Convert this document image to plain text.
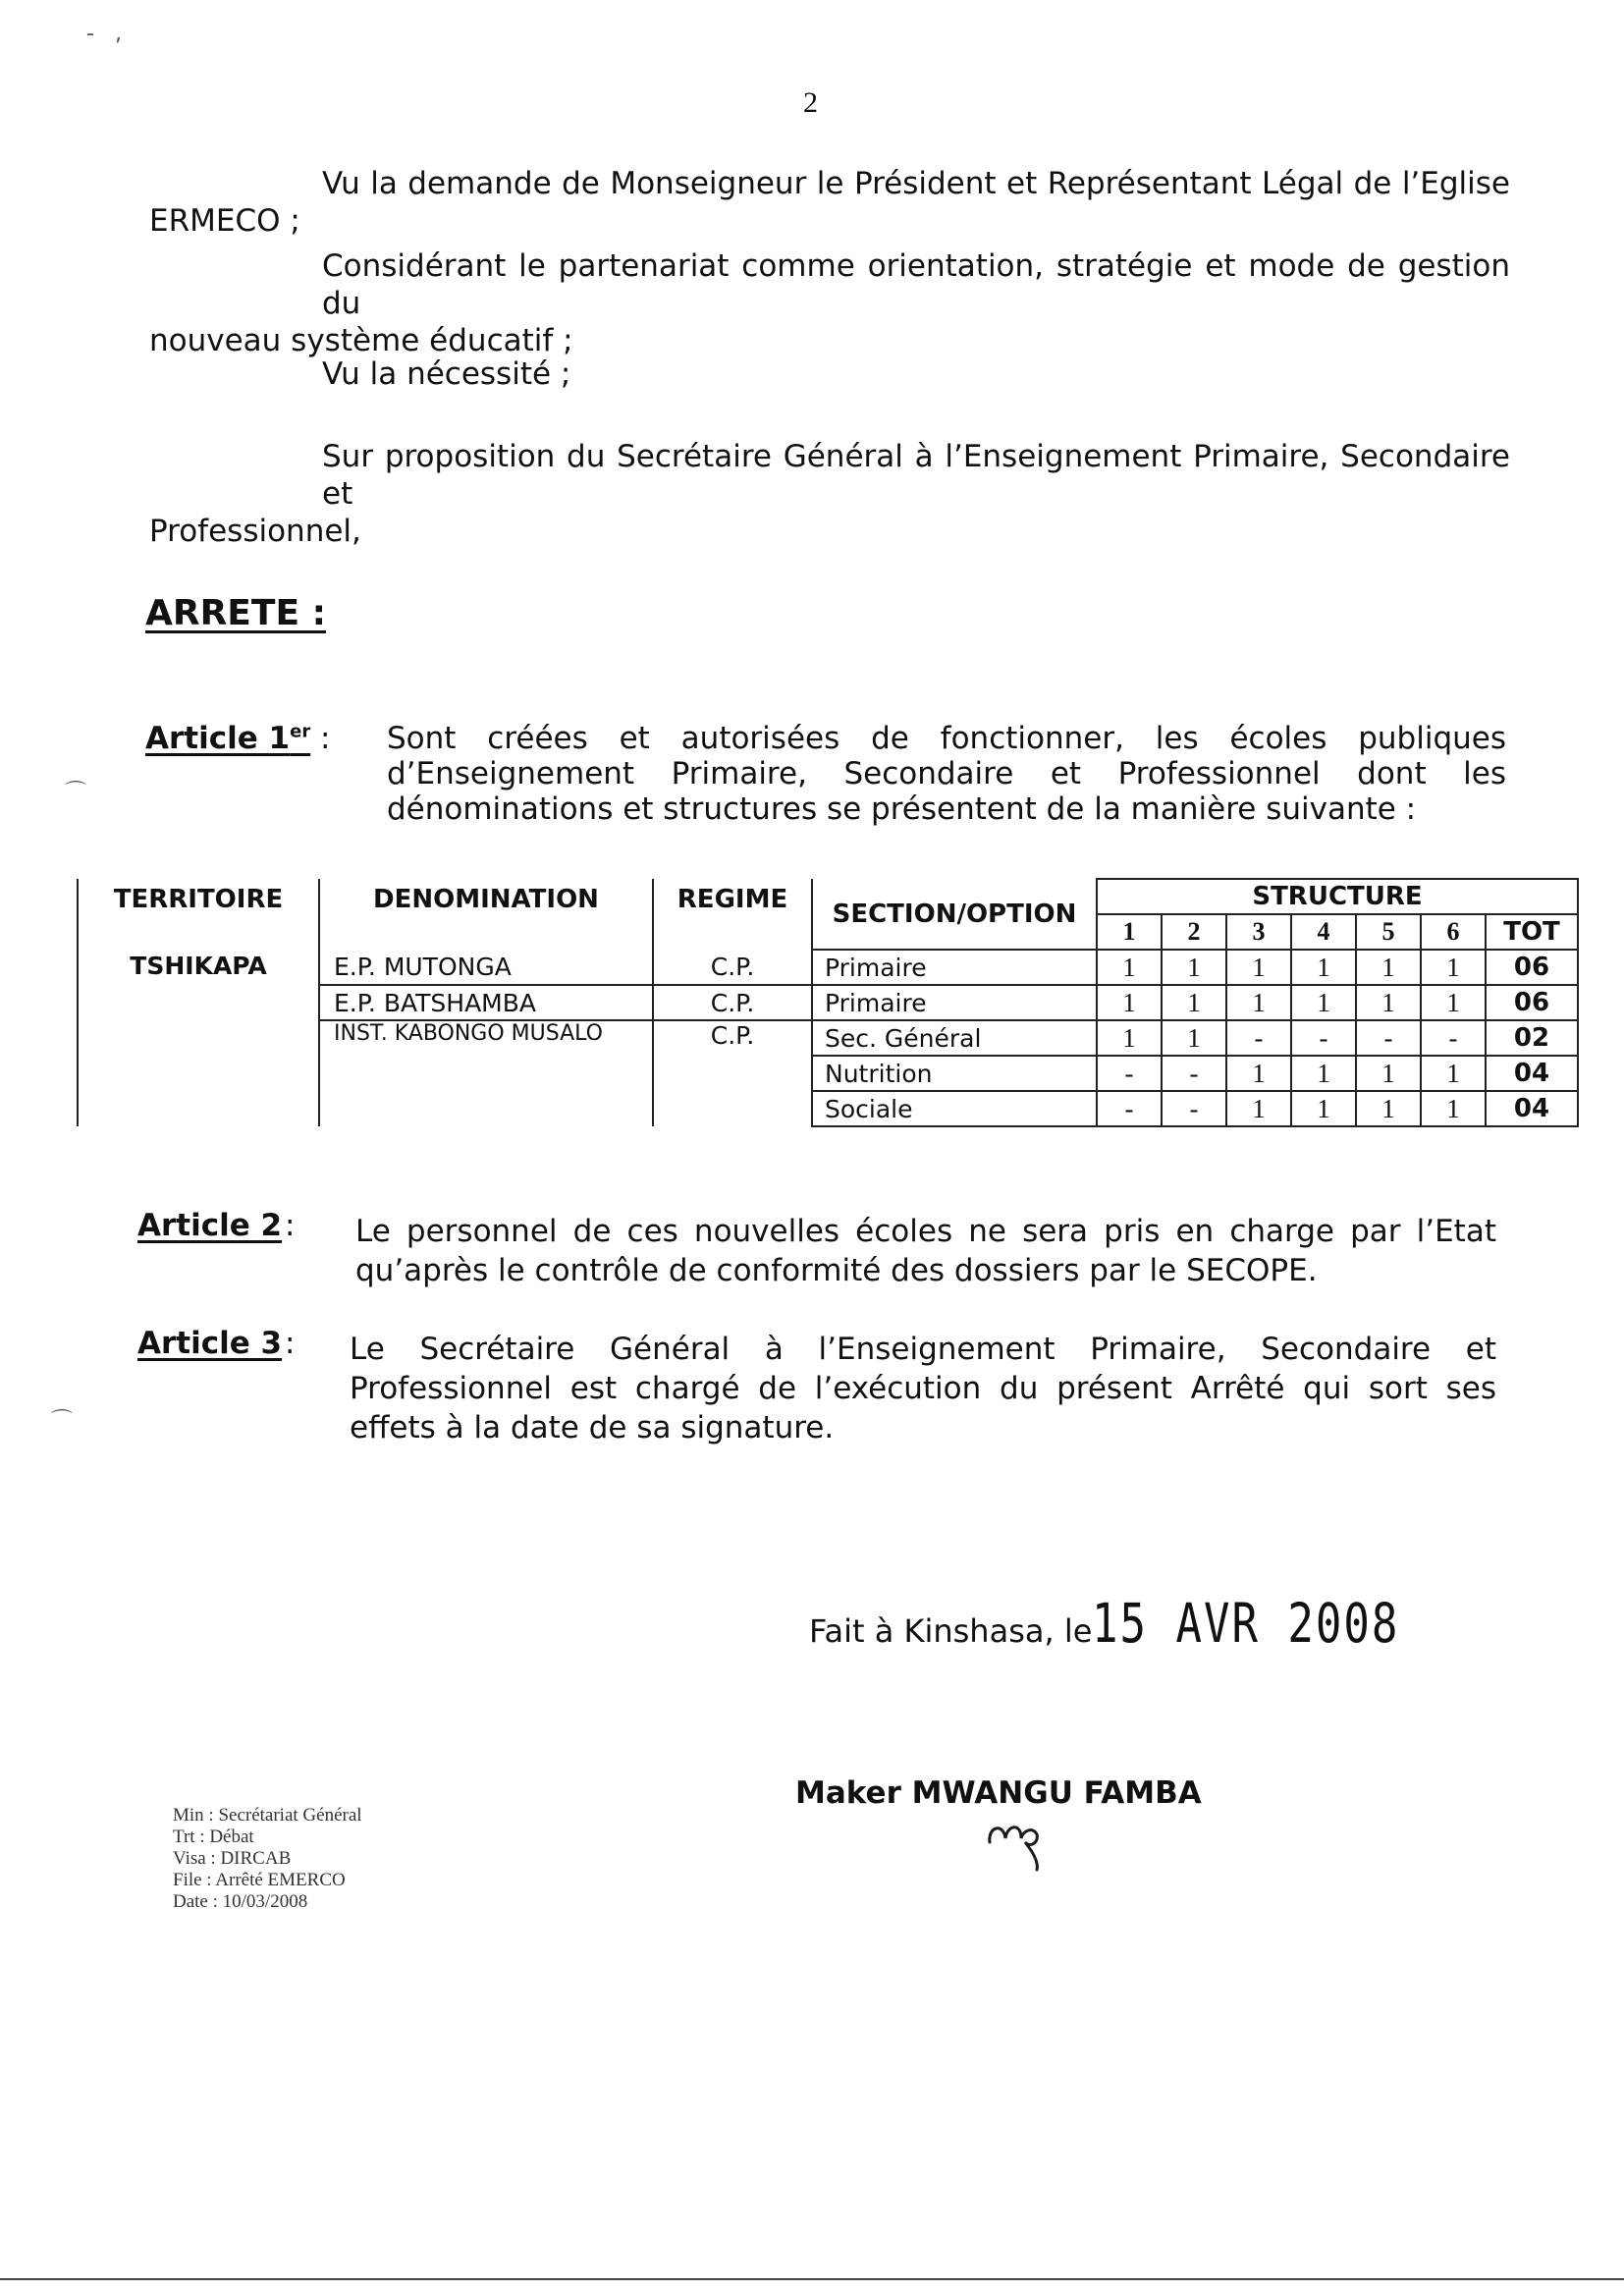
‐   ‚
⌒
⌒
2
Vu la demande de Monseigneur le Président et Représentant Légal de l’Eglise
ERMECO ;
Considérant le partenariat comme orientation, stratégie et mode de gestion du
nouveau système éducatif ;
Vu la nécessité ;
Sur proposition du Secrétaire Général à l’Enseignement Primaire, Secondaire et
Professionnel,
ARRETE :
Article 1er : Sont créées et autorisées de fonctionner, les écoles publiques d’Enseignement Primaire, Secondaire et Professionnel dont les dénominations et structures se présentent de la manière suivante :
TERRITOIRE	DENOMINATION	REGIME	SECTION/OPTION	STRUCTURE						
				1	2	3	4	5	6	TOT
TSHIKAPA	E.P. MUTONGA	C.P.	Primaire	1	1	1	1	1	1	06
	E.P. BATSHAMBA	C.P.	Primaire	1	1	1	1	1	1	06
	INST. KABONGO MUSALO	C.P.	Sec. Général	1	1	-	-	-	-	02
			Nutrition	-	-	1	1	1	1	04
			Sociale	-	-	1	1	1	1	04
Article 2 : Le personnel de ces nouvelles écoles ne sera pris en charge par l’Etat qu’après le contrôle de conformité des dossiers par le SECOPE.
Article 3 : Le Secrétaire Général à l’Enseignement Primaire, Secondaire et Professionnel est chargé de l’exécution du présent Arrêté qui sort ses effets à la date de sa signature.
Fait à Kinshasa, le 15 AVR 2008
Maker MWANGU FAMBA
Min : Secrétariat Général
Trt : Débat
Visa : DIRCAB
File : Arrêté EMERCO
Date : 10/03/2008
